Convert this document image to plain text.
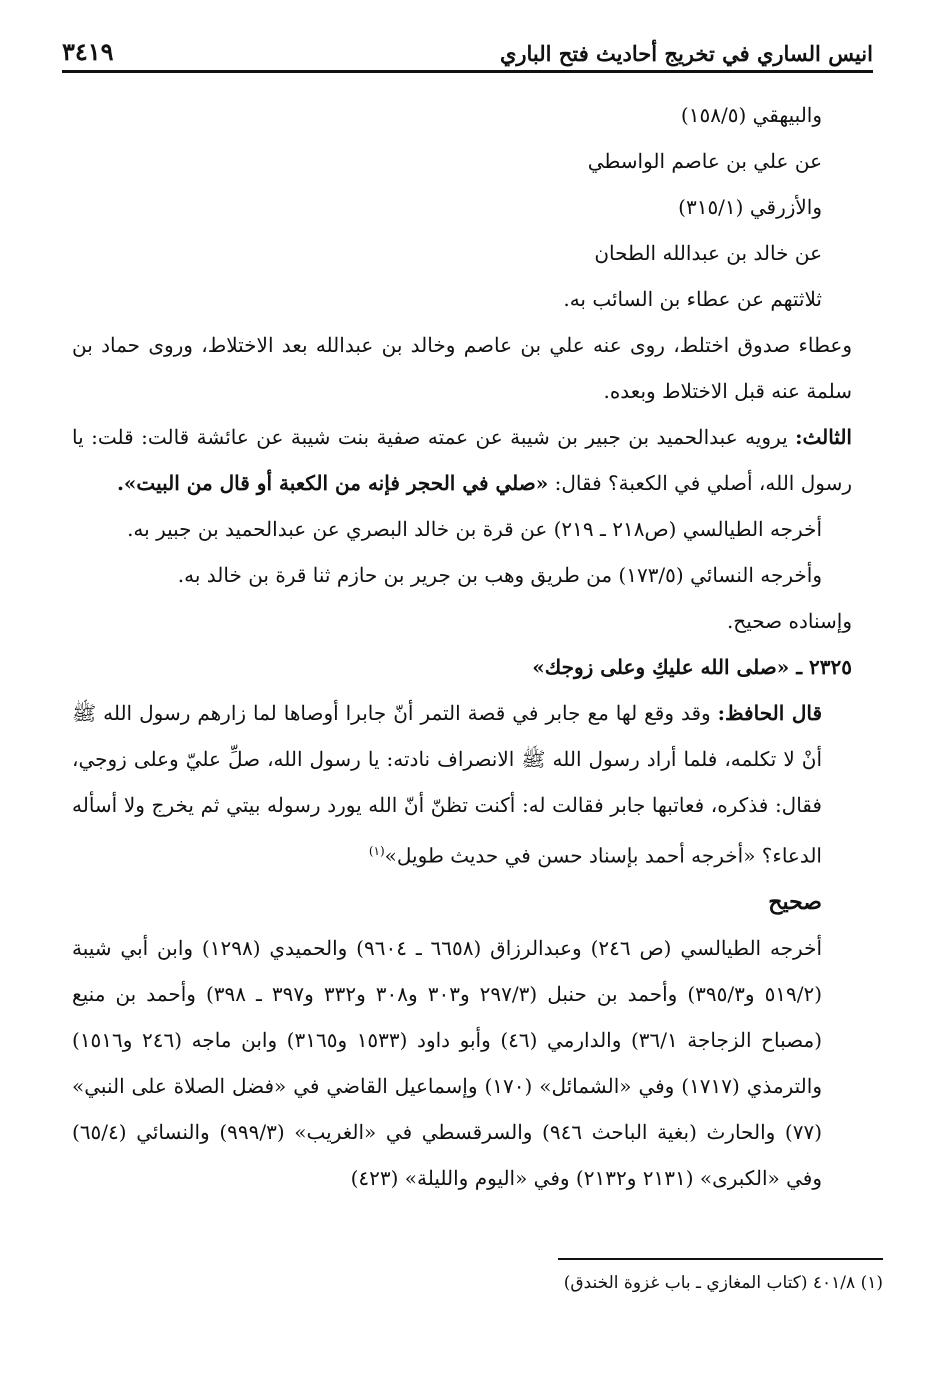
انيس الساري في تخريج أحاديث فتح الباري
٣٤١٩
والبيهقي (١٥٨/٥)
عن علي بن عاصم الواسطي
والأزرقي (٣١٥/١)
عن خالد بن عبدالله الطحان
ثلاثتهم عن عطاء بن السائب به.
وعطاء صدوق اختلط، روى عنه علي بن عاصم وخالد بن عبدالله بعد الاختلاط، وروى حماد بن سلمة عنه قبل الاختلاط وبعده.
الثالث: يرويه عبدالحميد بن جبير بن شيبة عن عمته صفية بنت شيبة عن عائشة قالت: قلت: يا رسول الله، أصلي في الكعبة؟ فقال: «صلي في الحجر فإنه من الكعبة أو قال من البيت».
أخرجه الطيالسي (ص٢١٨ ـ ٢١٩) عن قرة بن خالد البصري عن عبدالحميد بن جبير به.
وأخرجه النسائي (١٧٣/٥) من طريق وهب بن جرير بن حازم ثنا قرة بن خالد به.
وإسناده صحيح.
٢٣٢٥ ـ «صلى الله عليكِ وعلى زوجك»
قال الحافظ: وقد وقع لها مع جابر في قصة التمر أنّ جابرا أوصاها لما زارهم رسول الله ﷺ أنْ لا تكلمه، فلما أراد رسول الله ﷺ الانصراف نادته: يا رسول الله، صلِّ عليّ وعلى زوجي، فقال: فذكره، فعاتبها جابر فقالت له: أكنت تظنّ أنّ الله يورد رسوله بيتي ثم يخرج ولا أسأله الدعاء؟ «أخرجه أحمد بإسناد حسن في حديث طويل»$^{(١)}$
صحيح
أخرجه الطيالسي (ص ٢٤٦) وعبدالرزاق (٦٦٥٨ ـ ٩٦٠٤) والحميدي (١٢٩٨) وابن أبي شيبة (٥١٩/٢ و٣٩٥/٣) وأحمد بن حنبل (٢٩٧/٣ و٣٠٣ و٣٠٨ و٣٣٢ و٣٩٧ ـ ٣٩٨) وأحمد بن منيع (مصباح الزجاجة ٣٦/١) والدارمي (٤٦) وأبو داود (١٥٣٣ و٣١٦٥) وابن ماجه (٢٤٦ و١٥١٦) والترمذي (١٧١٧) وفي «الشمائل» (١٧٠) وإسماعيل القاضي في «فضل الصلاة على النبي» (٧٧) والحارث (بغية الباحث ٩٤٦) والسرقسطي في «الغريب» (٩٩٩/٣) والنسائي (٦٥/٤) وفي «الكبرى» (٢١٣١ و٢١٣٢) وفي «اليوم والليلة» (٤٢٣)
(١) ٤٠١/٨ (كتاب المغازي ـ باب غزوة الخندق)
